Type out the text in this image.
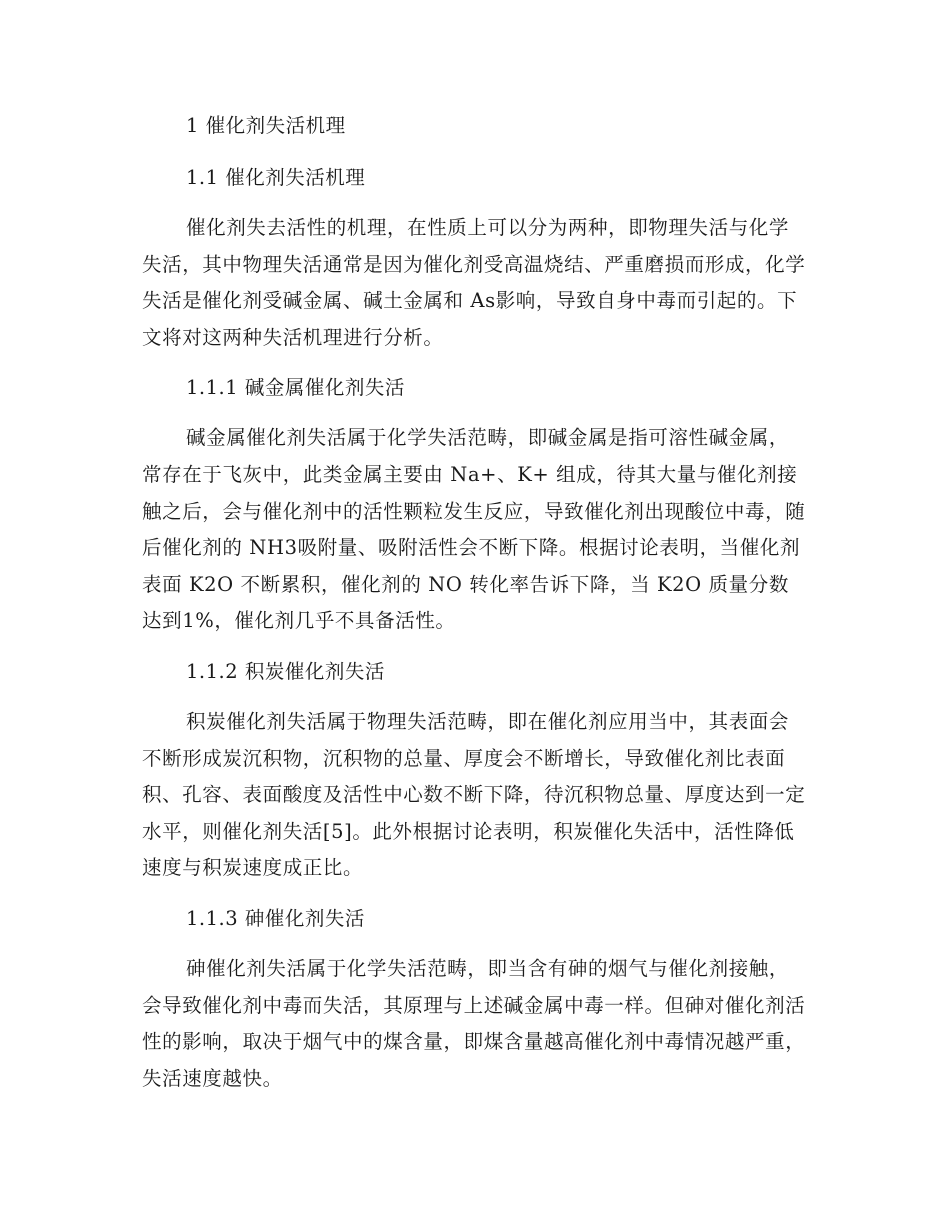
1 催化剂失活机理
1.1 催化剂失活机理

催化剂失去活性的机理，在性质上可以分为两种，即物理失活与化学失活，其中物理失活通常是因为催化剂受高温烧结、严重磨损而形成，化学失活是催化剂受碱金属、碱土金属和 As影响，导致自身中毒而引起的。下文将对这两种失活机理进行分析。

1.1.1 碱金属催化剂失活

碱金属催化剂失活属于化学失活范畴，即碱金属是指可溶性碱金属，常存在于飞灰中，此类金属主要由 Na+、K+ 组成，待其大量与催化剂接触之后，会与催化剂中的活性颗粒发生反应，导致催化剂出现酸位中毒，随后催化剂的 NH3吸附量、吸附活性会不断下降。根据讨论表明，当催化剂表面 K2O 不断累积，催化剂的 NO 转化率告诉下降，当 K2O 质量分数达到1%，催化剂几乎不具备活性。

1.1.2 积炭催化剂失活

积炭催化剂失活属于物理失活范畴，即在催化剂应用当中，其表面会不断形成炭沉积物，沉积物的总量、厚度会不断增长，导致催化剂比表面积、孔容、表面酸度及活性中心数不断下降，待沉积物总量、厚度达到一定水平，则催化剂失活[5]。此外根据讨论表明，积炭催化失活中，活性降低速度与积炭速度成正比。

1.1.3 砷催化剂失活

砷催化剂失活属于化学失活范畴，即当含有砷的烟气与催化剂接触，会导致催化剂中毒而失活，其原理与上述碱金属中毒一样。但砷对催化剂活性的影响，取决于烟气中的煤含量，即煤含量越高催化剂中毒情况越严重，失活速度越快。
